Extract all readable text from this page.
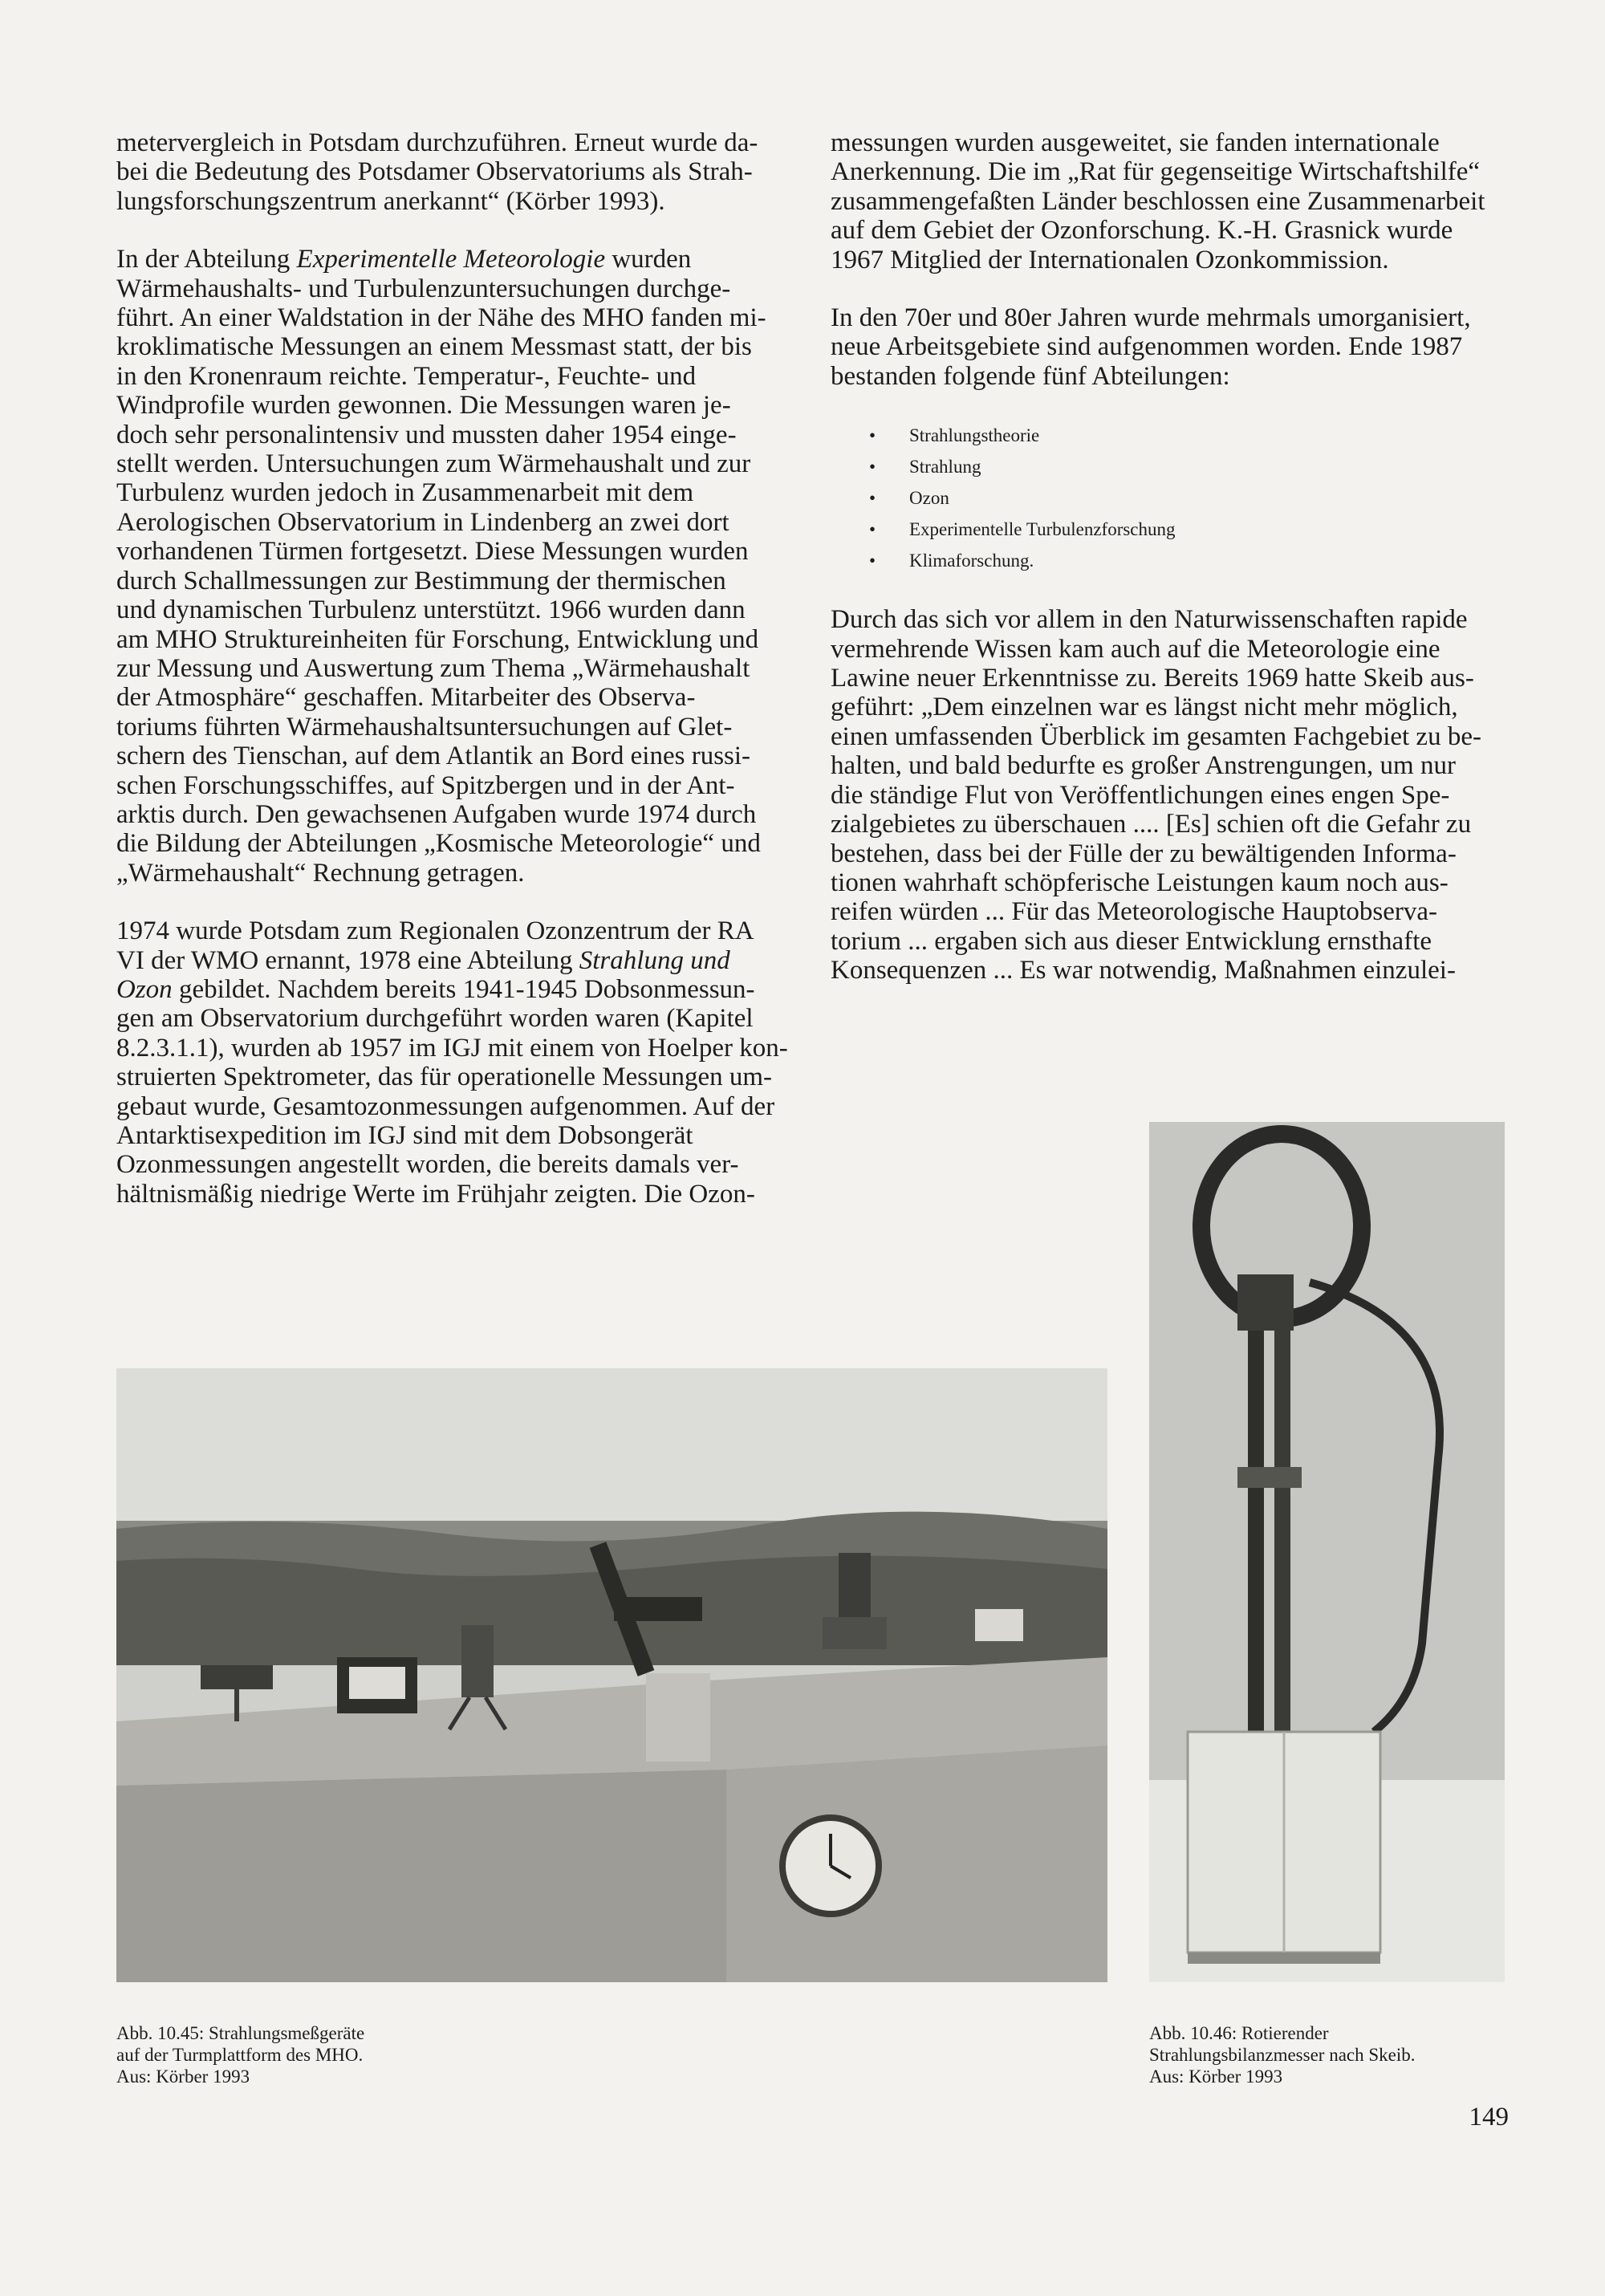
metervergleich in Potsdam durchzuführen. Erneut wurde da-
bei die Bedeutung des Potsdamer Observatoriums als Strah-
lungsforschungszentrum anerkannt“ (Körber 1993).

In der Abteilung Experimentelle Meteorologie wurden
Wärmehaushalts- und Turbulenzuntersuchungen durchge-
führt. An einer Waldstation in der Nähe des MHO fanden mi-
kroklimatische Messungen an einem Messmast statt, der bis
in den Kronenraum reichte. Temperatur-, Feuchte- und
Windprofile wurden gewonnen. Die Messungen waren je-
doch sehr personalintensiv und mussten daher 1954 einge-
stellt werden. Untersuchungen zum Wärmehaushalt und zur
Turbulenz wurden jedoch in Zusammenarbeit mit dem
Aerologischen Observatorium in Lindenberg an zwei dort
vorhandenen Türmen fortgesetzt. Diese Messungen wurden
durch Schallmessungen zur Bestimmung der thermischen
und dynamischen Turbulenz unterstützt. 1966 wurden dann
am MHO Struktureinheiten für Forschung, Entwicklung und
zur Messung und Auswertung zum Thema „Wärmehaushalt
der Atmosphäre“ geschaffen. Mitarbeiter des Observa-
toriums führten Wärmehaushaltsuntersuchungen auf Glet-
schern des Tienschan, auf dem Atlantik an Bord eines russi-
schen Forschungsschiffes, auf Spitzbergen und in der Ant-
arktis durch. Den gewachsenen Aufgaben wurde 1974 durch
die Bildung der Abteilungen „Kosmische Meteorologie“ und
„Wärmehaushalt“ Rechnung getragen.

1974 wurde Potsdam zum Regionalen Ozonzentrum der RA
VI der WMO ernannt, 1978 eine Abteilung Strahlung und
Ozon gebildet. Nachdem bereits 1941-1945 Dobsonmessun-
gen am Observatorium durchgeführt worden waren (Kapitel
8.2.3.1.1), wurden ab 1957 im IGJ mit einem von Hoelper kon-
struierten Spektrometer, das für operationelle Messungen um-
gebaut wurde, Gesamtozonmessungen aufgenommen. Auf der
Antarktisexpedition im IGJ sind mit dem Dobsongerät
Ozonmessungen angestellt worden, die bereits damals ver-
hältnismäßig niedrige Werte im Frühjahr zeigten. Die Ozon-

messungen wurden ausgeweitet, sie fanden internationale
Anerkennung. Die im „Rat für gegenseitige Wirtschaftshilfe“
zusammengefaßten Länder beschlossen eine Zusammenarbeit
auf dem Gebiet der Ozonforschung. K.-H. Grasnick wurde
1967 Mitglied der Internationalen Ozonkommission.

In den 70er und 80er Jahren wurde mehrmals umorganisiert,
neue Arbeitsgebiete sind aufgenommen worden. Ende 1987
bestanden folgende fünf Abteilungen:

• Strahlungstheorie
• Strahlung
• Ozon
• Experimentelle Turbulenzforschung
• Klimaforschung.

Durch das sich vor allem in den Naturwissenschaften rapide
vermehrende Wissen kam auch auf die Meteorologie eine
Lawine neuer Erkenntnisse zu. Bereits 1969 hatte Skeib aus-
geführt: „Dem einzelnen war es längst nicht mehr möglich,
einen umfassenden Überblick im gesamten Fachgebiet zu be-
halten, und bald bedurfte es großer Anstrengungen, um nur
die ständige Flut von Veröffentlichungen eines engen Spe-
zialgebietes zu überschauen .... [Es] schien oft die Gefahr zu
bestehen, dass bei der Fülle der zu bewältigenden Informa-
tionen wahrhaft schöpferische Leistungen kaum noch aus-
reifen würden ... Für das Meteorologische Hauptobserva-
torium ... ergaben sich aus dieser Entwicklung ernsthafte
Konsequenzen ... Es war notwendig, Maßnahmen einzulei-

Abb. 10.45: Strahlungsmeßgeräte
auf der Turmplattform des MHO.
Aus: Körber 1993
Abb. 10.46: Rotierender
Strahlungsbilanzmesser nach Skeib.
Aus: Körber 1993
149
